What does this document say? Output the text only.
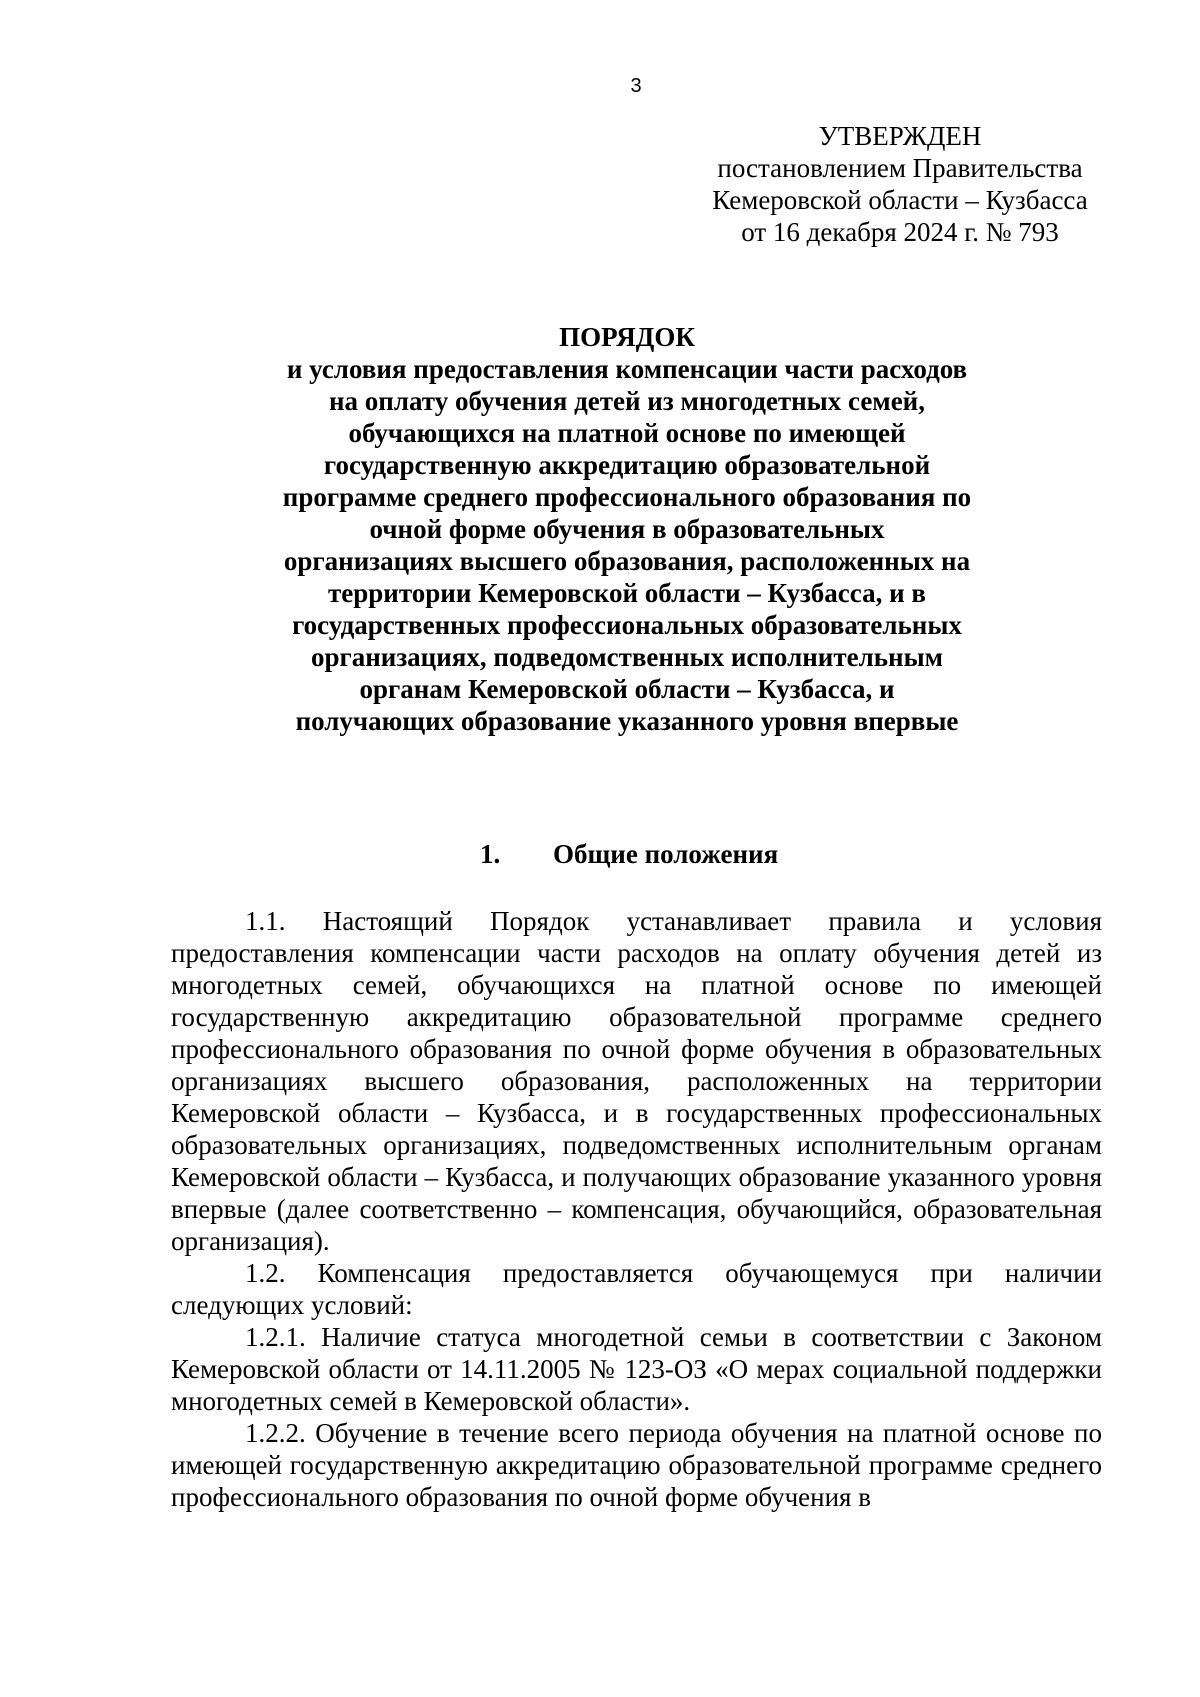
3
УТВЕРЖДЕН
постановлением Правительства
Кемеровской области – Кузбасса
от 16 декабря 2024 г. № 793
ПОРЯДОК
и условия предоставления компенсации части расходов на оплату обучения детей из многодетных семей, обучающихся на платной основе по имеющей государственную аккредитацию образовательной программе среднего профессионального образования по очной форме обучения в образовательных организациях высшего образования, расположенных на территории Кемеровской области – Кузбасса, и в государственных профессиональных образовательных организациях, подведомственных исполнительным органам Кемеровской области – Кузбасса, и получающих образование указанного уровня впервые
1. Общие положения

1.1. Настоящий Порядок устанавливает правила и условия предоставления компенсации части расходов на оплату обучения детей из многодетных семей, обучающихся на платной основе по имеющей государственную аккредитацию образовательной программе среднего профессионального образования по очной форме обучения в образовательных организациях высшего образования, расположенных на территории Кемеровской области – Кузбасса, и в государственных профессиональных образовательных организациях, подведомственных исполнительным органам Кемеровской области – Кузбасса, и получающих образование указанного уровня впервые (далее соответственно – компенсация, обучающийся, образовательная организация).

1.2. Компенсация предоставляется обучающемуся при наличии следующих условий:

1.2.1. Наличие статуса многодетной семьи в соответствии с Законом Кемеровской области от 14.11.2005 № 123-ОЗ «О мерах социальной поддержки многодетных семей в Кемеровской области».

1.2.2. Обучение в течение всего периода обучения на платной основе по имеющей государственную аккредитацию образовательной программе среднего профессионального образования по очной форме обучения в
